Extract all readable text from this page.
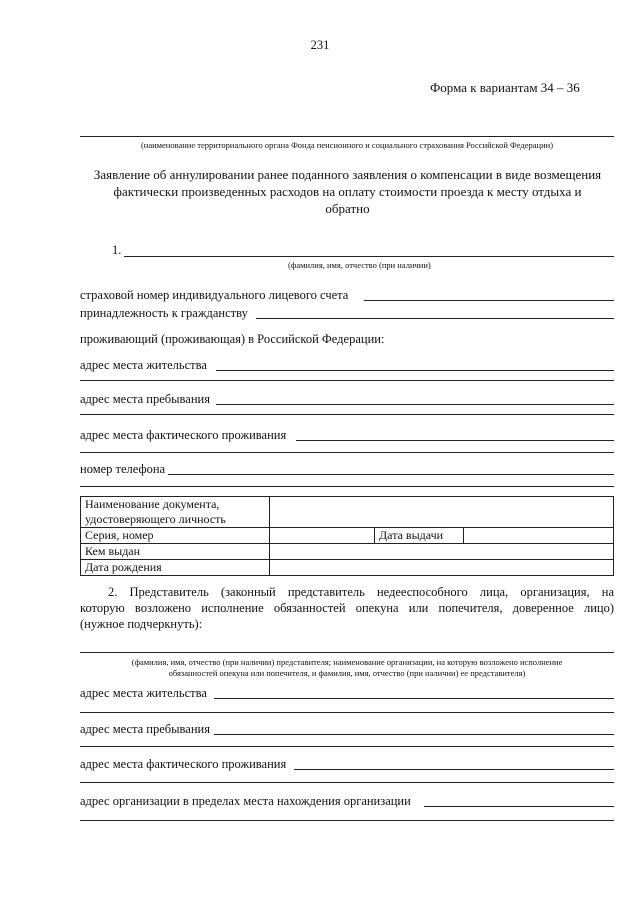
231
Форма к вариантам 34 – 36
(наименование территориального органа Фонда пенсионного и социального страхования Российской Федерации)
Заявление об аннулировании ранее поданного заявления о компенсации в виде возмещения
фактически произведенных расходов на оплату стоимости проезда к месту отдыха и
обратно
1.
(фамилия, имя, отчество (при наличии)
страховой номер индивидуального лицевого счета
принадлежность к гражданству
проживающий (проживающая) в Российской Федерации:
адрес места жительства
адрес места пребывания
адрес места фактического проживания
номер телефона
Наименование документа,
удостоверяющего личность			

Серия, номер		Дата выдачи	
Кем выдан			
Дата рождения			
2. Представитель (законный представитель недееспособного лица, организация, на
которую возложено исполнение обязанностей опекуна или попечителя, доверенное лицо)
(нужное подчеркнуть):
(фамилия, имя, отчество (при наличии) представителя; наименование организации, на которую возложено исполнение
обязанностей опекуна или попечителя, и фамилия, имя, отчество (при наличии) ее представителя)
адрес места жительства
адрес места пребывания
адрес места фактического проживания
адрес организации в пределах места нахождения организации
